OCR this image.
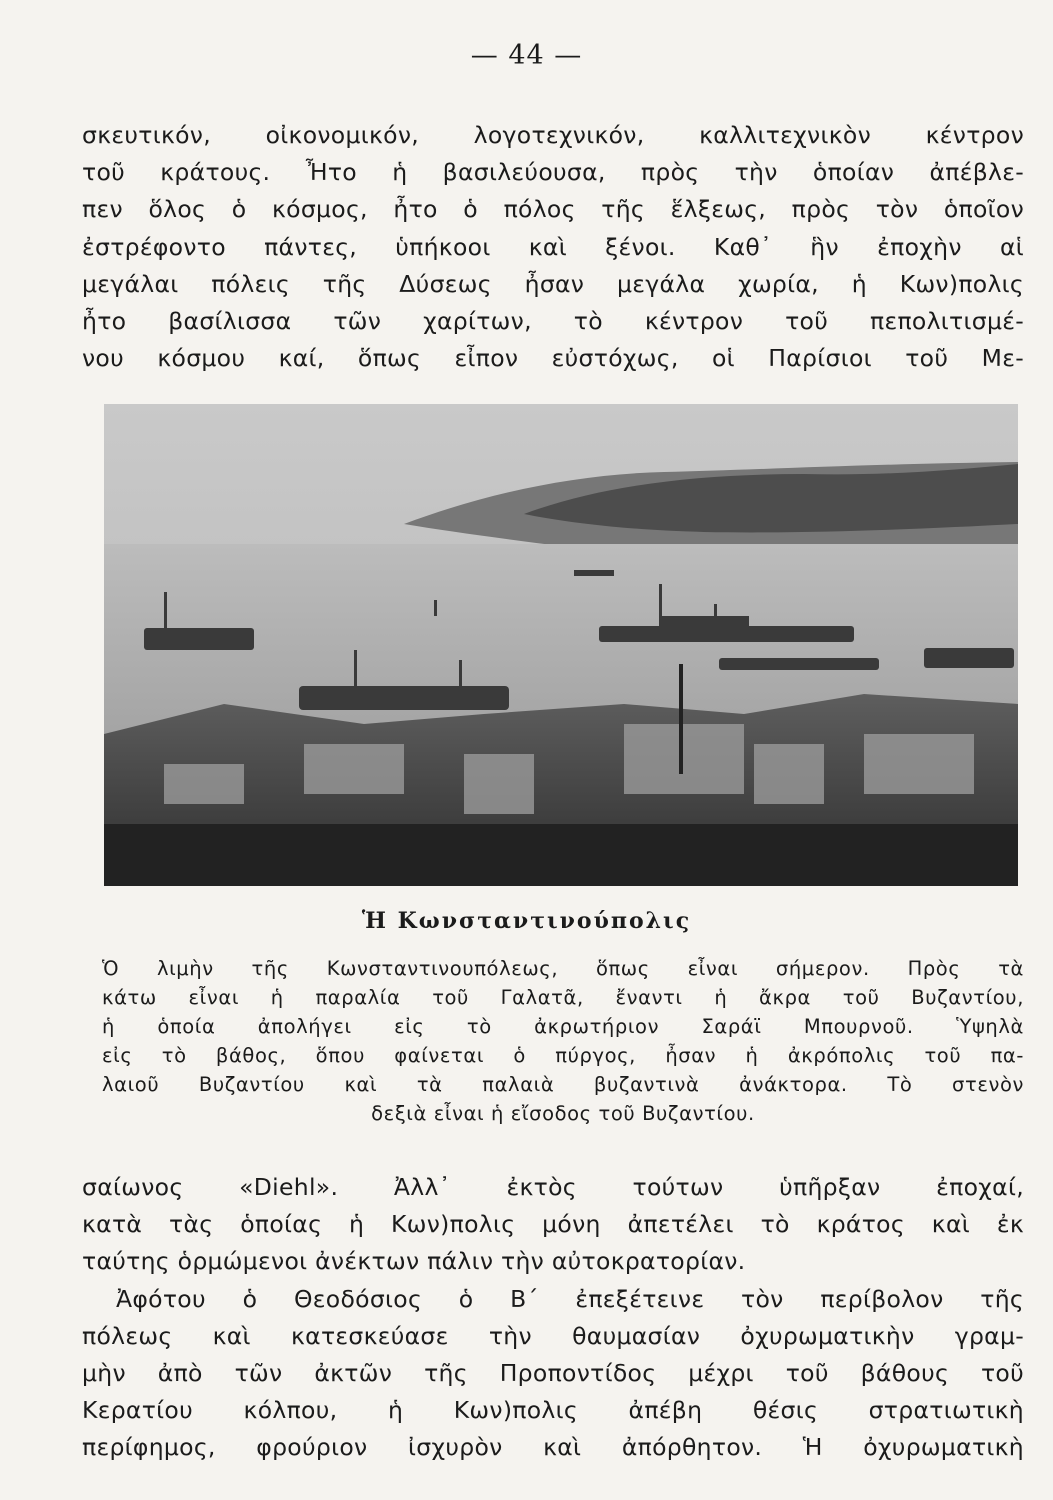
— 44 —
σκευτικόν, οἰκονομικόν, λογοτεχνικόν, καλλιτεχνικὸν κέντρον
τοῦ κράτους. Ἦτο ἡ βασιλεύουσα, πρὸς τὴν ὁποίαν ἀπέβλε-
πεν ὅλος ὁ κόσμος, ἦτο ὁ πόλος τῆς ἕλξεως, πρὸς τὸν ὁποῖον
ἐστρέφοντο πάντες, ὑπήκοοι καὶ ξένοι. Καθ᾽ ἣν ἐποχὴν αἱ
μεγάλαι πόλεις τῆς Δύσεως ἦσαν μεγάλα χωρία, ἡ Κων)πολις
ἦτο βασίλισσα τῶν χαρίτων, τὸ κέντρον τοῦ πεπολιτισμέ-
νου κόσμου καί, ὅπως εἶπον εὐστόχως, οἱ Παρίσιοι τοῦ Με-
Ἡ Κωνσταντινούπολις
Ὁ λιμὴν τῆς Κωνσταντινουπόλεως, ὅπως εἶναι σήμερον. Πρὸς τὰ
κάτω εἶναι ἡ παραλία τοῦ Γαλατᾶ, ἔναντι ἡ ἄκρα τοῦ Βυζαντίου,
ἡ ὁποία ἀπολήγει εἰς τὸ ἀκρωτήριον Σαράϊ Μπουρνοῦ. Ὑψηλὰ
εἰς τὸ βάθος, ὅπου φαίνεται ὁ πύργος, ἦσαν ἡ ἀκρόπολις τοῦ πα-
λαιοῦ Βυζαντίου καὶ τὰ παλαιὰ βυζαντινὰ ἀνάκτορα. Τὸ στενὸν
δεξιὰ εἶναι ἡ εἴσοδος τοῦ Βυζαντίου.
σαίωνος «Diehl». Ἀλλ᾽ ἐκτὸς τούτων ὑπῆρξαν ἐποχαί,
κατὰ τὰς ὁποίας ἡ Κων)πολις μόνη ἀπετέλει τὸ κράτος καὶ ἐκ
ταύτης ὁρμώμενοι ἀνέκτων πάλιν τὴν αὐτοκρατορίαν.
Ἀφότου ὁ Θεοδόσιος ὁ Β΄ ἐπεξέτεινε τὸν περίβολον τῆς
πόλεως καὶ κατεσκεύασε τὴν θαυμασίαν ὀχυρωματικὴν γραμ-
μὴν ἀπὸ τῶν ἀκτῶν τῆς Προποντίδος μέχρι τοῦ βάθους τοῦ
Κερατίου κόλπου, ἡ Κων)πολις ἀπέβη θέσις στρατιωτικὴ
περίφημος, φρούριον ἰσχυρὸν καὶ ἀπόρθητον. Ἡ ὀχυρωματικὴ
